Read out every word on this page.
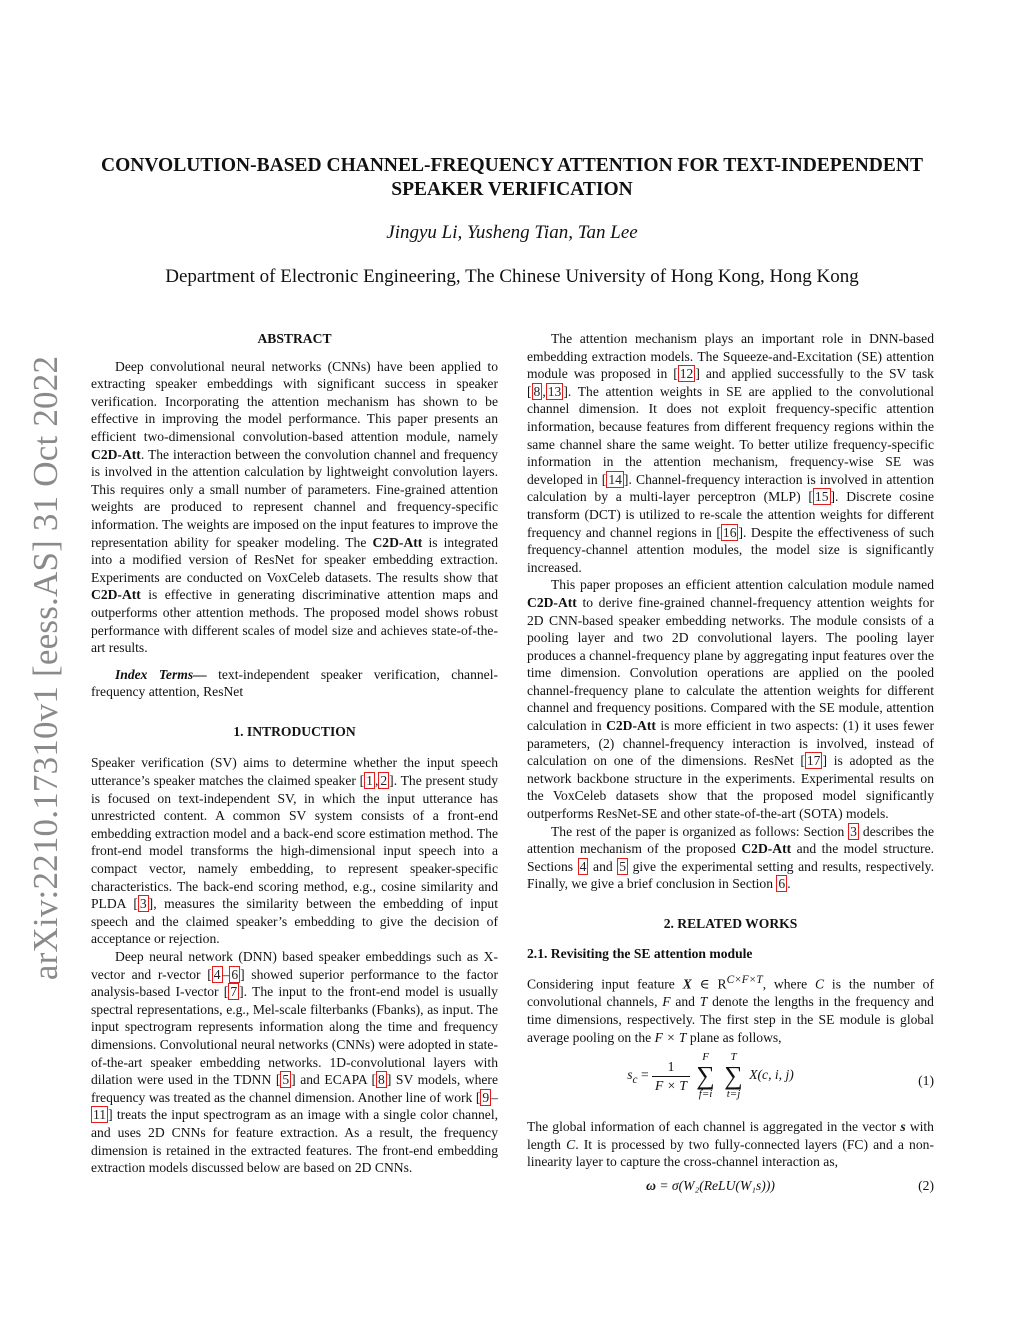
arXiv:2210.17310v1 [eess.AS] 31 Oct 2022
CONVOLUTION-BASED CHANNEL-FREQUENCY ATTENTION FOR TEXT-INDEPENDENT SPEAKER VERIFICATION
Jingyu Li, Yusheng Tian, Tan Lee
Department of Electronic Engineering, The Chinese University of Hong Kong, Hong Kong
ABSTRACT

Deep convolutional neural networks (CNNs) have been applied to extracting speaker embeddings with significant success in speaker verification. Incorporating the attention mechanism has shown to be effective in improving the model performance. This paper presents an efficient two-dimensional convolution-based attention module, namely C2D-Att. The interaction between the convolution channel and frequency is involved in the attention calculation by lightweight convolution layers. This requires only a small number of parameters. Fine-grained attention weights are produced to represent channel and frequency-specific information. The weights are imposed on the input features to improve the representation ability for speaker modeling. The C2D-Att is integrated into a modified version of ResNet for speaker embedding extraction. Experiments are conducted on VoxCeleb datasets. The results show that C2D-Att is effective in generating discriminative attention maps and outperforms other attention methods. The proposed model shows robust performance with different scales of model size and achieves state-of-the-art results.

Index Terms— text-independent speaker verification, channel-frequency attention, ResNet

1. INTRODUCTION

Speaker verification (SV) aims to determine whether the input speech utterance’s speaker matches the claimed speaker [ 1 , 2 ]. The present study is focused on text-independent SV, in which the input utterance has unrestricted content. A common SV system consists of a front-end embedding extraction model and a back-end score estimation method. The front-end model transforms the high-dimensional input speech into a compact vector, namely embedding, to represent speaker-specific characteristics. The back-end scoring method, e.g., cosine similarity and PLDA [ 3 ], measures the similarity between the embedding of input speech and the claimed speaker’s embedding to give the decision of acceptance or rejection.

Deep neural network (DNN) based speaker embeddings such as X-vector and r-vector [ 4 – 6 ] showed superior performance to the factor analysis-based I-vector [ 7 ]. The input to the front-end model is usually spectral representations, e.g., Mel-scale filterbanks (Fbanks), as input. The input spectrogram represents information along the time and frequency dimensions. Convolutional neural networks (CNNs) were adopted in state-of-the-art speaker embedding networks. 1D-convolutional layers with dilation were used in the TDNN [ 5 ] and ECAPA [ 8 ] SV models, where frequency was treated as the channel dimension. Another line of work [ 9 –11 ] treats the input spectrogram as an image with a single color channel, and uses 2D CNNs for feature extraction. As a result, the frequency dimension is retained in the extracted features. The front-end embedding extraction models discussed below are based on 2D CNNs.

The attention mechanism plays an important role in DNN-based embedding extraction models. The Squeeze-and-Excitation (SE) attention module was proposed in [ 12 ] and applied successfully to the SV task [ 8 , 13 ]. The attention weights in SE are applied to the convolutional channel dimension. It does not exploit frequency-specific attention information, because features from different frequency regions within the same channel share the same weight. To better utilize frequency-specific information in the attention mechanism, frequency-wise SE was developed in [ 14 ]. Channel-frequency interaction is involved in attention calculation by a multi-layer perceptron (MLP) [ 15 ]. Discrete cosine transform (DCT) is utilized to re-scale the attention weights for different frequency and channel regions in [ 16 ]. Despite the effectiveness of such frequency-channel attention modules, the model size is significantly increased.

This paper proposes an efficient attention calculation module named C2D-Att to derive fine-grained channel-frequency attention weights for 2D CNN-based speaker embedding networks. The module consists of a pooling layer and two 2D convolutional layers. The pooling layer produces a channel-frequency plane by aggregating input features over the time dimension. Convolution operations are applied on the pooled channel-frequency plane to calculate the attention weights for different channel and frequency positions. Compared with the SE module, attention calculation in C2D-Att is more efficient in two aspects: (1) it uses fewer parameters, (2) channel-frequency interaction is involved, instead of calculation on one of the dimensions. ResNet [ 17 ] is adopted as the network backbone structure in the experiments. Experimental results on the VoxCeleb datasets show that the proposed model significantly outperforms ResNet-SE and other state-of-the-art (SOTA) models.

The rest of the paper is organized as follows: Section 3 describes the attention mechanism of the proposed C2D-Att and the model structure. Sections 4 and 5 give the experimental setting and results, respectively. Finally, we give a brief conclusion in Section 6 .

2. RELATED WORKS
2.1. Revisiting the SE attention module

Considering input feature X ∈ $R^{C\times F\times T}$, where C is the number of convolutional channels, F and T denote the lengths in the frequency and time dimensions, respectively. The first step in the SE module is global average pooling on the F × T plane as follows,

$s_c = \frac{1}{F \times T}$
F
∑
f=i T
∑
t=j X(c, i, j)	(1)

The global information of each channel is aggregated in the vector s with length C. It is processed by two fully-connected layers (FC) and a non-linearity layer to capture the cross-channel interaction as,

ω = σ(W₂(ReLU(W₁s)))	(2)
